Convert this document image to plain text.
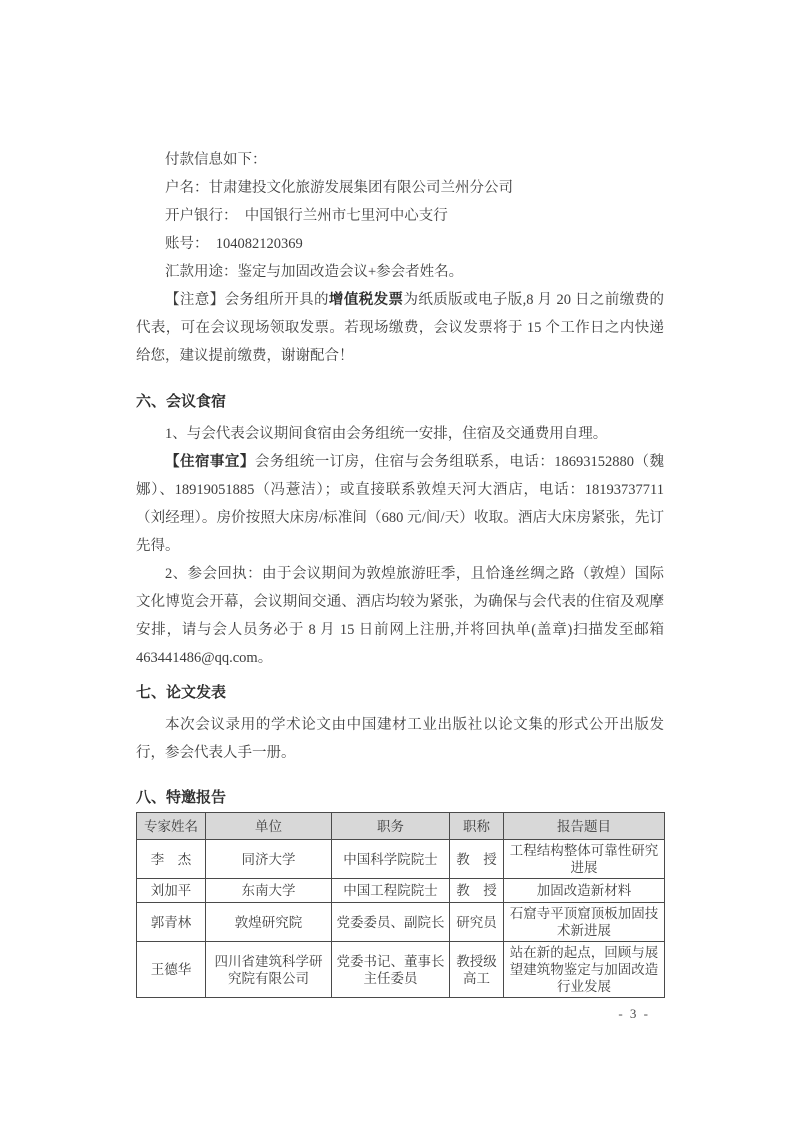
付款信息如下：
户名：甘肃建投文化旅游发展集团有限公司兰州分公司
开户银行：　中国银行兰州市七里河中心支行
账号：　104082120369
汇款用途：鉴定与加固改造会议+参会者姓名。

【注意】会务组所开具的增值税发票为纸质版或电子版,8 月 20 日之前缴费的代表，可在会议现场领取发票。若现场缴费，会议发票将于 15 个工作日之内快递给您，建议提前缴费，谢谢配合！

六、会议食宿

1、与会代表会议期间食宿由会务组统一安排，住宿及交通费用自理。

【住宿事宜】会务组统一订房，住宿与会务组联系，电话：18693152880（魏娜）、18919051885（冯薏洁）；或直接联系敦煌天河大酒店，电话：18193737711（刘经理）。房价按照大床房/标准间（680 元/间/天）收取。酒店大床房紧张，先订先得。

2、参会回执：由于会议期间为敦煌旅游旺季，且恰逢丝绸之路（敦煌）国际文化博览会开幕，会议期间交通、酒店均较为紧张，为确保与会代表的住宿及观摩安排，请与会人员务必于 8 月 15 日前网上注册,并将回执单(盖章)扫描发至邮箱 463441486@qq.com。

七、论文发表

本次会议录用的学术论文由中国建材工业出版社以论文集的形式公开出版发行，参会代表人手一册。

八、特邀报告
专家姓名	单位	职务	职称	报告题目
李　杰	同济大学	中国科学院院士	教　授	工程结构整体可靠性研究进展
刘加平	东南大学	中国工程院院士	教　授	加固改造新材料
郭青林	敦煌研究院	党委委员、副院长	研究员	石窟寺平顶窟顶板加固技术新进展
王德华	四川省建筑科学研究院有限公司	党委书记、董事长主任委员	教授级高工	站在新的起点，回顾与展望建筑物鉴定与加固改造行业发展
- 3 -
